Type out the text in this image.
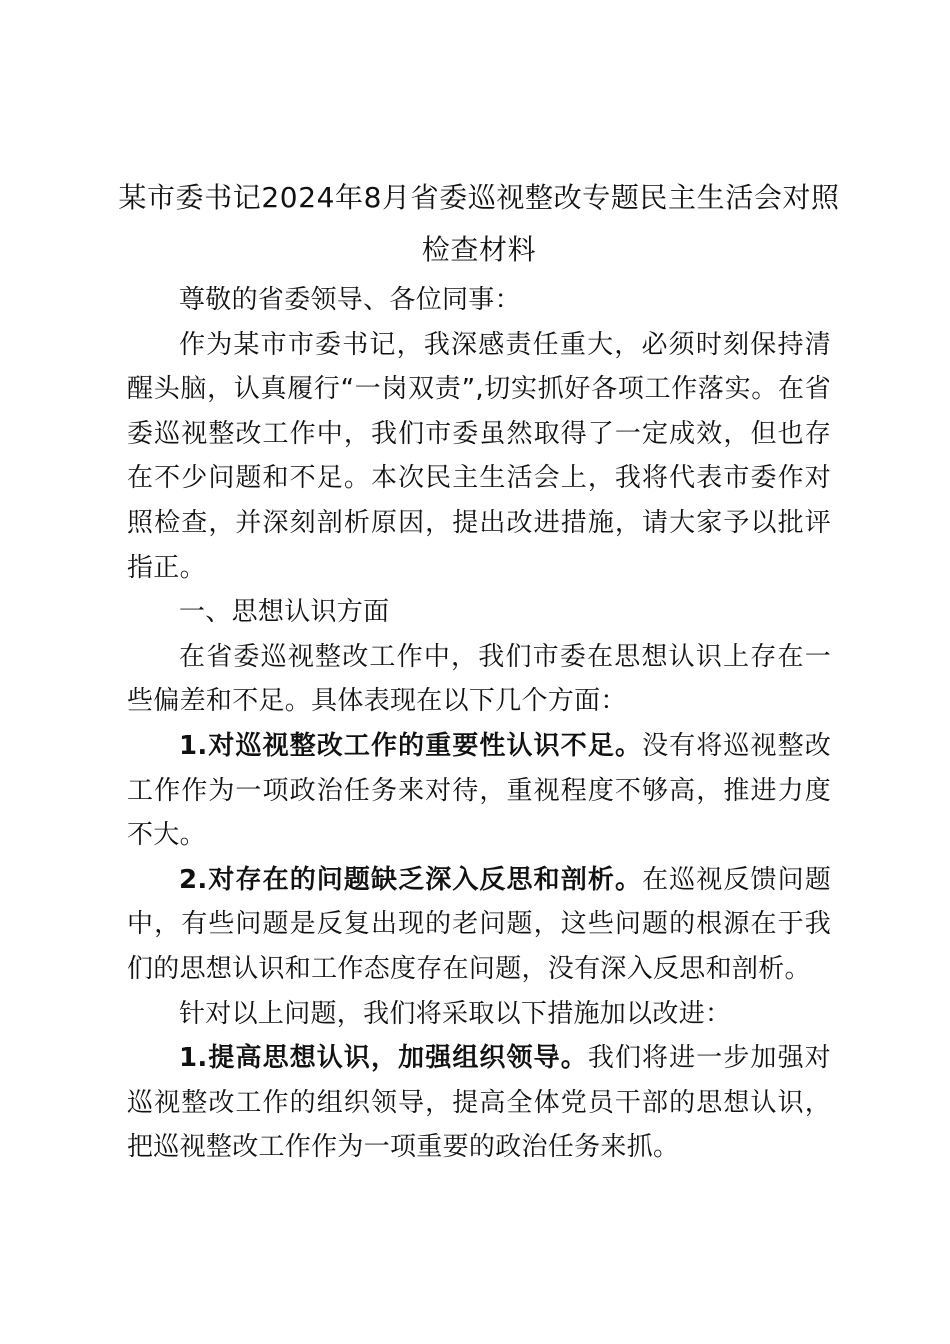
某市委书记2024年8月省委巡视整改专题民主生活会对照检查材料

尊敬的省委领导、各位同事：

作为某市市委书记，我深感责任重大，必须时刻保持清醒头脑，认真履行“一岗双责”,切实抓好各项工作落实。在省委巡视整改工作中，我们市委虽然取得了一定成效，但也存在不少问题和不足。本次民主生活会上，我将代表市委作对照检查，并深刻剖析原因，提出改进措施，请大家予以批评指正。

一、思想认识方面

在省委巡视整改工作中，我们市委在思想认识上存在一些偏差和不足。具体表现在以下几个方面：

1.对巡视整改工作的重要性认识不足。没有将巡视整改工作作为一项政治任务来对待，重视程度不够高，推进力度不大。

2.对存在的问题缺乏深入反思和剖析。在巡视反馈问题中，有些问题是反复出现的老问题，这些问题的根源在于我们的思想认识和工作态度存在问题，没有深入反思和剖析。

针对以上问题，我们将采取以下措施加以改进：

1.提高思想认识，加强组织领导。我们将进一步加强对巡视整改工作的组织领导，提高全体党员干部的思想认识，把巡视整改工作作为一项重要的政治任务来抓。
